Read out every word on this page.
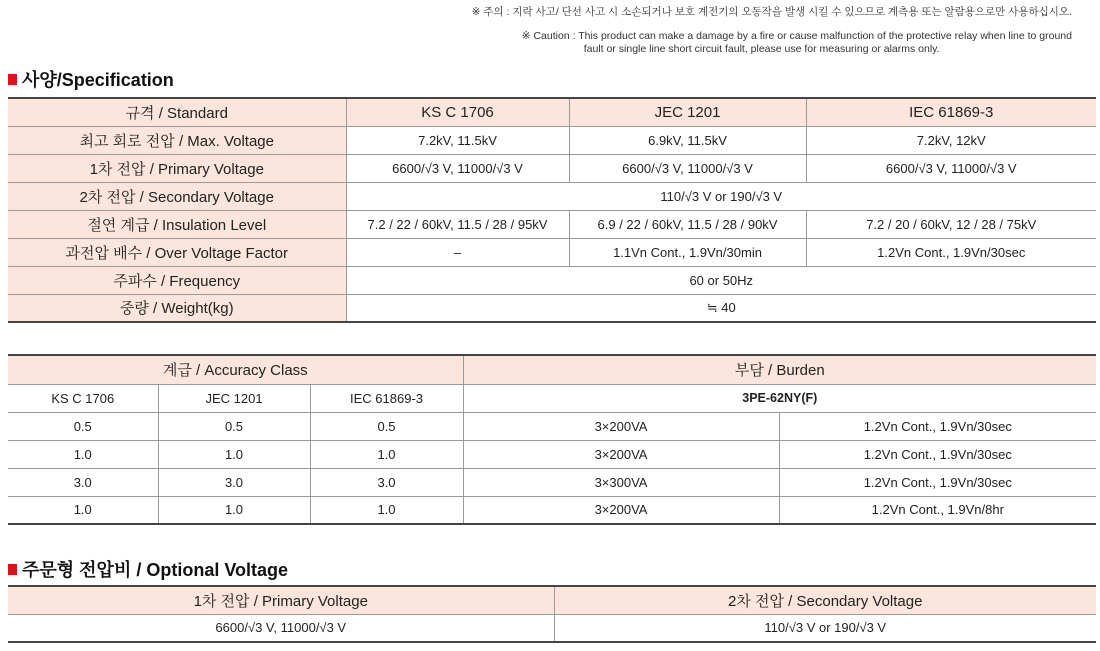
※ 주의 : 지락 사고/ 단선 사고 시 소손되거나 보호 계전기의 오동작을 발생 시킬 수 있으므로 계측용 또는 알람용으로만 사용하십시오.
※ Caution : This product can make a damage by a fire or cause malfunction of the protective relay when line to ground
fault or single line short circuit fault, please use for measuring or alarms only.
사양/Specification
규격 / Standard	KS C 1706	JEC 1201	IEC 61869-3
최고 회로 전압 / Max. Voltage	7.2kV, 11.5kV	6.9kV, 11.5kV	7.2kV, 12kV
1차 전압 / Primary Voltage	6600/√3 V, 11000/√3 V	6600/√3 V, 11000/√3 V	6600/√3 V, 11000/√3 V
2차 전압 / Secondary Voltage	110/√3 V or 190/√3 V		
절연 계급 / Insulation Level	7.2 / 22 / 60kV, 11.5 / 28 / 95kV	6.9 / 22 / 60kV, 11.5 / 28 / 90kV	7.2 / 20 / 60kV, 12 / 28 / 75kV
과전압 배수 / Over Voltage Factor	–	1.1Vn Cont., 1.9Vn/30min	1.2Vn Cont., 1.9Vn/30sec
주파수 / Frequency	60 or 50Hz		
중량 / Weight(kg)	≒ 40		
계급 / Accuracy Class			부담 / Burden	
KS C 1706	JEC 1201	IEC 61869-3	3PE-62NY(F)	
0.5	0.5	0.5	3×200VA	1.2Vn Cont., 1.9Vn/30sec
1.0	1.0	1.0	3×200VA	1.2Vn Cont., 1.9Vn/30sec
3.0	3.0	3.0	3×300VA	1.2Vn Cont., 1.9Vn/30sec
1.0	1.0	1.0	3×200VA	1.2Vn Cont., 1.9Vn/8hr
주문형 전압비 / Optional Voltage
1차 전압 / Primary Voltage	2차 전압 / Secondary Voltage
6600/√3 V, 11000/√3 V	110/√3 V or 190/√3 V
